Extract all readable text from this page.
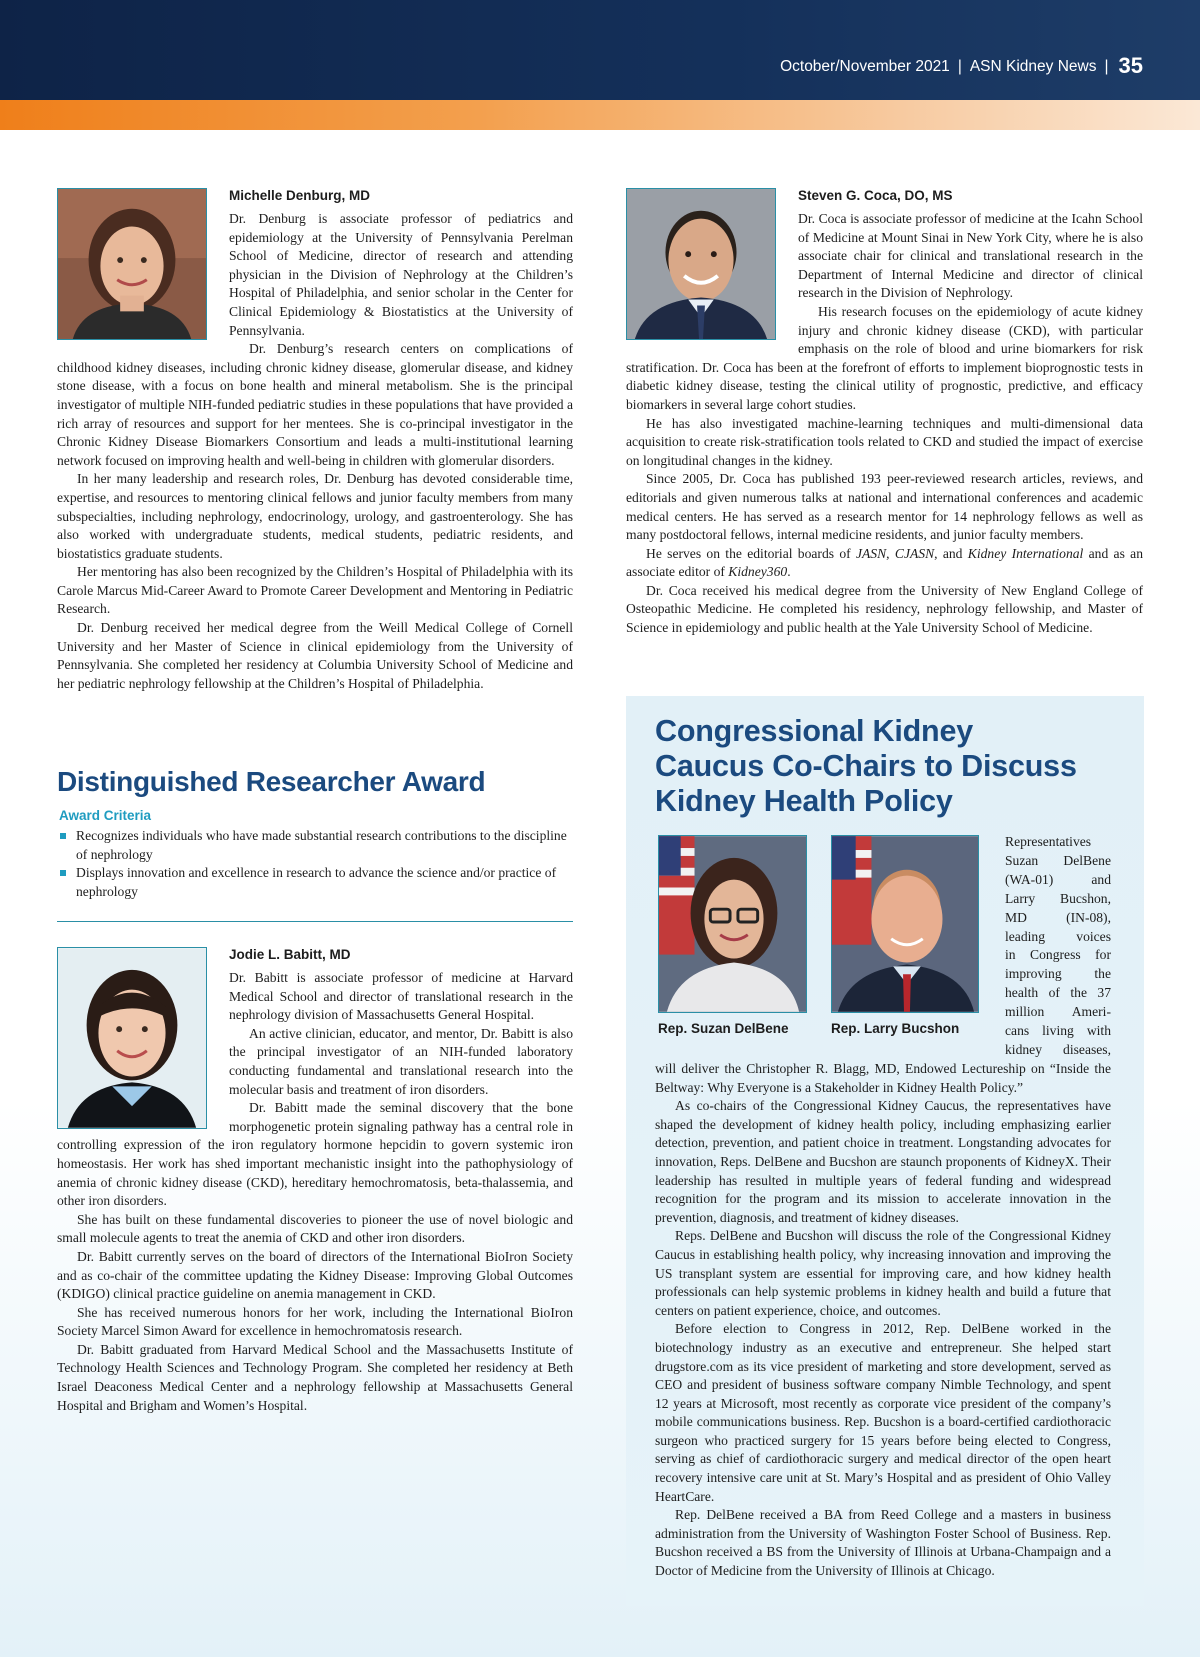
October/November 2021 | ASN Kidney News | 35

Michelle Denburg, MD

Dr. Denburg is associate professor of pediatrics and epidemiology at the University of Pennsylvania Perelman School of Medicine, director of research and attending physician in the Division of Nephrology at the Children’s Hospital of Philadelphia, and senior scholar in the Center for Clinical Epidemiology & Biostatistics at the University of Pennsylvania.

Dr. Denburg’s research centers on complications of childhood kidney diseases, including chronic kidney disease, glomerular disease, and kidney stone disease, with a focus on bone health and mineral metabolism. She is the principal investigator of multiple NIH-funded pediatric studies in these populations that have provided a rich array of resources and support for her mentees. She is co-principal investigator in the Chronic Kidney Disease Biomarkers Consortium and leads a multi-institutional learning network focused on improving health and well-being in children with glomerular disorders.

In her many leadership and research roles, Dr. Denburg has devoted considerable time, expertise, and resources to mentoring clinical fellows and junior faculty members from many subspecialties, including nephrology, endocrinology, urology, and gastroenterology. She has also worked with undergraduate students, medical students, pediatric residents, and biostatistics graduate students.

Her mentoring has also been recognized by the Children’s Hospital of Philadelphia with its Carole Marcus Mid-Career Award to Promote Career Development and Mentoring in Pediatric Research.

Dr. Denburg received her medical degree from the Weill Medical College of Cornell University and her Master of Science in clinical epidemiology from the University of Pennsylvania. She completed her residency at Columbia University School of Medicine and her pediatric nephrology fellowship at the Children’s Hospital of Philadelphia.

Distinguished Researcher Award

Award Criteria

Recognizes individuals who have made substantial research contributions to the discipline of nephrology
Displays innovation and excellence in research to advance the science and/or practice of nephrology

Jodie L. Babitt, MD

Dr. Babitt is associate professor of medicine at Harvard Medical School and director of translational research in the nephrology division of Massachusetts General Hospital.

An active clinician, educator, and mentor, Dr. Babitt is also the principal investigator of an NIH-funded laboratory conducting fundamental and translational research into the molecular basis and treatment of iron disorders.

Dr. Babitt made the seminal discovery that the bone morphogenetic protein signaling pathway has a central role in controlling expression of the iron regulatory hormone hepcidin to govern systemic iron homeostasis. Her work has shed important mechanistic insight into the pathophysiology of anemia of chronic kidney disease (CKD), hereditary hemochromatosis, beta-thalassemia, and other iron disorders.

She has built on these fundamental discoveries to pioneer the use of novel biologic and small molecule agents to treat the anemia of CKD and other iron disorders.

Dr. Babitt currently serves on the board of directors of the International BioIron Society and as co-chair of the committee updating the Kidney Disease: Improving Global Outcomes (KDIGO) clinical practice guideline on anemia management in CKD.

She has received numerous honors for her work, including the International BioIron Society Marcel Simon Award for excellence in hemochromatosis research.

Dr. Babitt graduated from Harvard Medical School and the Massachusetts Institute of Technology Health Sciences and Technology Program. She completed her residency at Beth Israel Deaconess Medical Center and a nephrology fellowship at Massachusetts General Hospital and Brigham and Women’s Hospital.

Steven G. Coca, DO, MS

Dr. Coca is associate professor of medicine at the Icahn School of Medicine at Mount Sinai in New York City, where he is also associate chair for clinical and translational research in the Department of Internal Medicine and director of clinical research in the Division of Nephrology.

His research focuses on the epidemiology of acute kidney injury and chronic kidney disease (CKD), with particular emphasis on the role of blood and urine biomarkers for risk stratification. Dr. Coca has been at the forefront of efforts to implement bioprognostic tests in diabetic kidney disease, testing the clinical utility of prognostic, predictive, and efficacy biomarkers in several large cohort studies.

He has also investigated machine-learning techniques and multi-dimensional data acquisition to create risk-stratification tools related to CKD and studied the impact of exercise on longitudinal changes in the kidney.

Since 2005, Dr. Coca has published 193 peer-reviewed research articles, reviews, and editorials and given numerous talks at national and international conferences and academic medical centers. He has served as a research mentor for 14 nephrology fellows as well as many postdoctoral fellows, internal medicine residents, and junior faculty members.

He serves on the editorial boards of JASN, CJASN, and Kidney International and as an associate editor of Kidney360.

Dr. Coca received his medical degree from the University of New England College of Osteopathic Medicine. He completed his residency, nephrology fellowship, and Master of Science in epidemiology and public health at the Yale University School of Medicine.

Congressional Kidney
Caucus Co-Chairs to Discuss
Kidney Health Policy
Rep. Suzan DelBene	Rep. Larry Bucshon
Representatives
Suzan DelBene
(WA-01) and
Larry Bucshon,
MD (IN-08),
leading voices
in Congress for
improving the
health of the 37
million Ameri-
cans living with
kidney diseases,

will deliver the Christopher R. Blagg, MD, Endowed Lectureship on “Inside the Beltway: Why Everyone is a Stakeholder in Kidney Health Policy.”

As co-chairs of the Congressional Kidney Caucus, the representatives have shaped the development of kidney health policy, including emphasizing earlier detection, prevention, and patient choice in treatment. Longstanding advocates for innovation, Reps. DelBene and Bucshon are staunch proponents of KidneyX. Their leadership has resulted in multiple years of federal funding and widespread recognition for the program and its mission to accelerate innovation in the prevention, diagnosis, and treatment of kidney diseases.

Reps. DelBene and Bucshon will discuss the role of the Congressional Kidney Caucus in establishing health policy, why increasing innovation and improving the US transplant system are essential for improving care, and how kidney health professionals can help systemic problems in kidney health and build a future that centers on patient experience, choice, and outcomes.

Before election to Congress in 2012, Rep. DelBene worked in the biotechnology industry as an executive and entrepreneur. She helped start drugstore.com as its vice president of marketing and store development, served as CEO and president of business software company Nimble Technology, and spent 12 years at Microsoft, most recently as corporate vice president of the company’s mobile communications business. Rep. Bucshon is a board-certified cardiothoracic surgeon who practiced surgery for 15 years before being elected to Congress, serving as chief of cardiothoracic surgery and medical director of the open heart recovery intensive care unit at St. Mary’s Hospital and as president of Ohio Valley HeartCare.

Rep. DelBene received a BA from Reed College and a masters in business administration from the University of Washington Foster School of Business. Rep. Bucshon received a BS from the University of Illinois at Urbana-Champaign and a Doctor of Medicine from the University of Illinois at Chicago.
